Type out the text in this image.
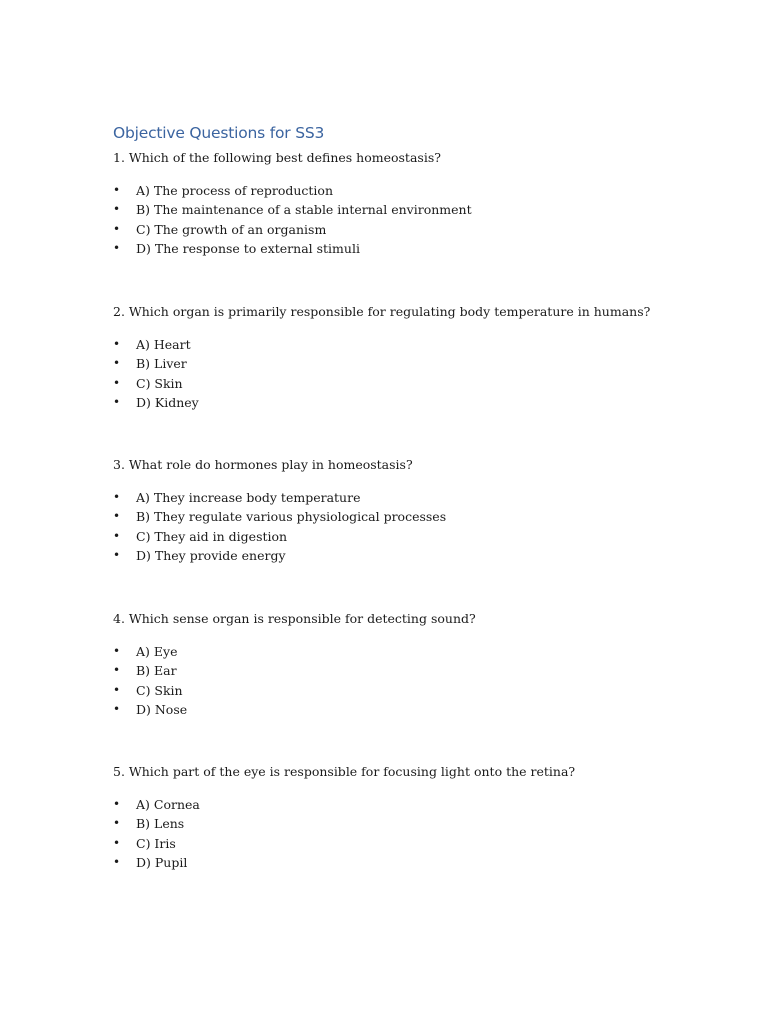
Objective Questions for SS3

1. Which of the following best defines homeostasis?

• A) The process of reproduction
• B) The maintenance of a stable internal environment
• C) The growth of an organism
• D) The response to external stimuli

2. Which organ is primarily responsible for regulating body temperature in humans?

• A) Heart
• B) Liver
• C) Skin
• D) Kidney

3. What role do hormones play in homeostasis?

• A) They increase body temperature
• B) They regulate various physiological processes
• C) They aid in digestion
• D) They provide energy

4. Which sense organ is responsible for detecting sound?

• A) Eye
• B) Ear
• C) Skin
• D) Nose

5. Which part of the eye is responsible for focusing light onto the retina?

• A) Cornea
• B) Lens
• C) Iris
• D) Pupil
